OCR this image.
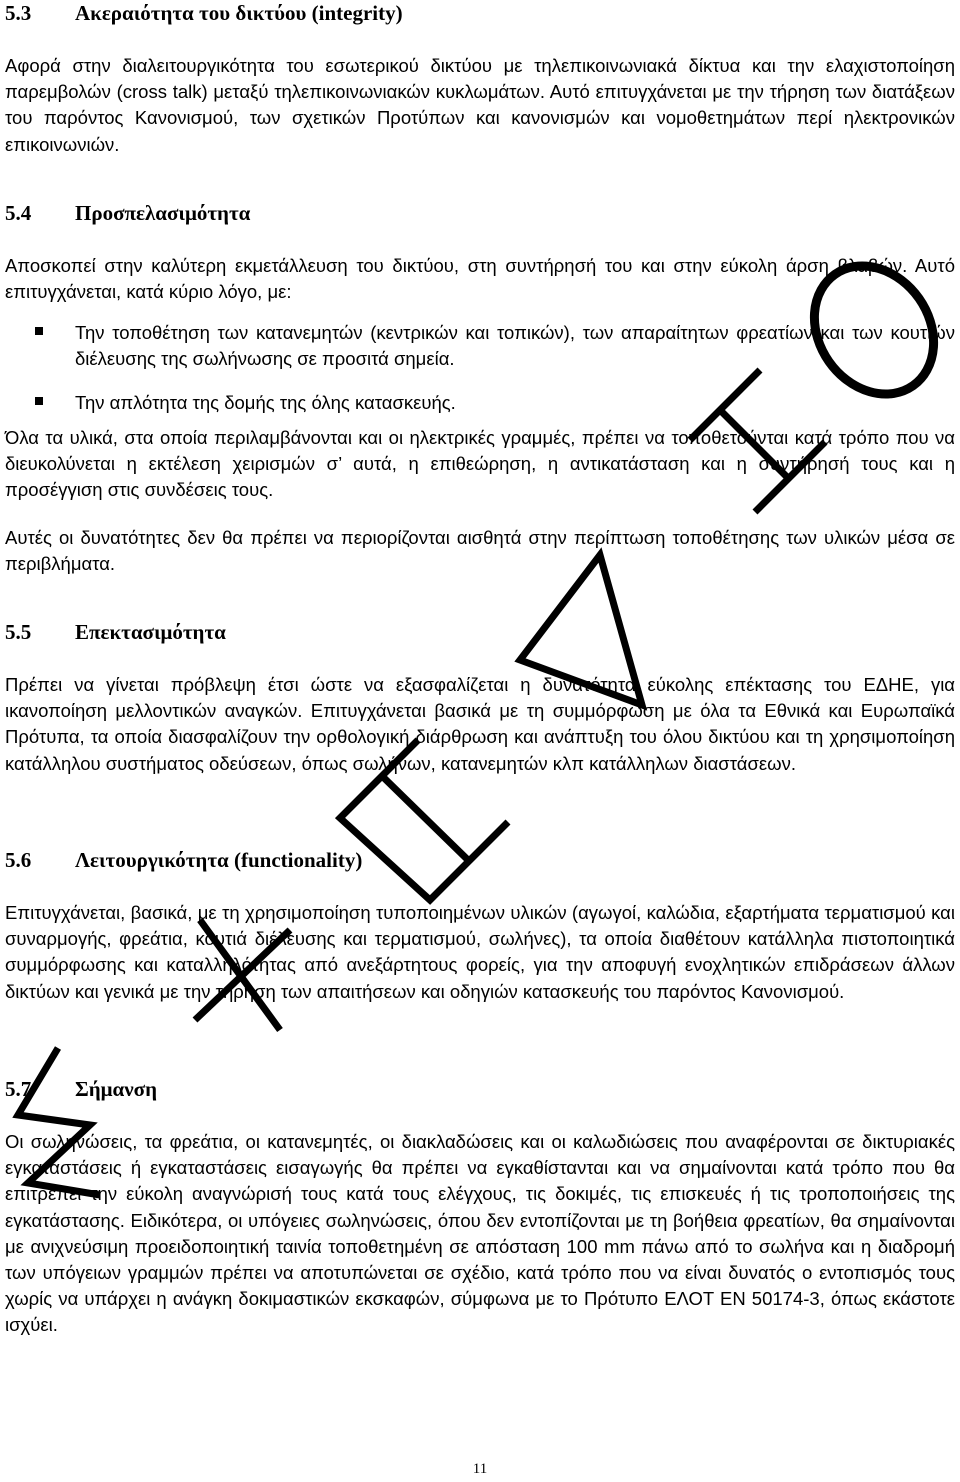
5.3 Ακεραιότητα του δικτύου (integrity)
Αφορά στην διαλειτουργικότητα του εσωτερικού δικτύου με τηλεπικοινωνιακά δίκτυα και την ελαχιστοποίηση παρεμβολών (cross talk) μεταξύ τηλεπικοινωνιακών κυκλωμάτων. Αυτό επιτυγχάνεται με την τήρηση των διατάξεων του παρόντος Κανονισμού, των σχετικών Προτύπων και κανονισμών και νομοθετημάτων περί ηλεκτρονικών επικοινωνιών.
5.4 Προσπελασιμότητα
Αποσκοπεί στην καλύτερη εκμετάλλευση του δικτύου, στη συντήρησή του και στην εύκολη άρση βλαβών. Αυτό επιτυγχάνεται, κατά κύριο λόγο, με:
Την τοποθέτηση των κατανεμητών (κεντρικών και τοπικών), των απαραίτητων φρεατίων και των κουτιών διέλευσης της σωλήνωσης σε προσιτά σημεία.
Την απλότητα της δομής της όλης κατασκευής.
Όλα τα υλικά, στα οποία περιλαμβάνονται και οι ηλεκτρικές γραμμές, πρέπει να τοποθετούνται κατά τρόπο που να διευκολύνεται η εκτέλεση χειρισμών σ’ αυτά, η επιθεώρηση, η αντικατάσταση και η συντήρησή τους και η προσέγγιση στις συνδέσεις τους.
Αυτές οι δυνατότητες δεν θα πρέπει να περιορίζονται αισθητά στην περίπτωση τοποθέτησης των υλικών μέσα σε περιβλήματα.
5.5 Επεκτασιμότητα
Πρέπει να γίνεται πρόβλεψη έτσι ώστε να εξασφαλίζεται η δυνατότητα εύκολης επέκτασης του ΕΔΗΕ, για ικανοποίηση μελλοντικών αναγκών. Επιτυγχάνεται βασικά με τη συμμόρφωση με όλα τα Εθνικά και Ευρωπαϊκά Πρότυπα, τα οποία διασφαλίζουν την ορθολογική διάρθρωση και ανάπτυξη του όλου δικτύου και τη χρησιμοποίηση κατάλληλου συστήματος οδεύσεων, όπως σωλήνων, κατανεμητών κλπ κατάλληλων διαστάσεων.
5.6 Λειτουργικότητα (functionality)
Επιτυγχάνεται, βασικά, με τη χρησιμοποίηση τυποποιημένων υλικών (αγωγοί, καλώδια, εξαρτήματα τερματισμού και συναρμογής, φρεάτια, κουτιά διέλευσης και τερματισμού, σωλήνες), τα οποία διαθέτουν κατάλληλα πιστοποιητικά συμμόρφωσης και καταλληλότητας από ανεξάρτητους φορείς, για την αποφυγή ενοχλητικών επιδράσεων άλλων δικτύων και γενικά με την τήρηση των απαιτήσεων και οδηγιών κατασκευής του παρόντος Κανονισμού.
5.7 Σήμανση
Οι σωληνώσεις, τα φρεάτια, οι κατανεμητές, οι διακλαδώσεις και οι καλωδιώσεις που αναφέρονται σε δικτυριακές εγκαταστάσεις ή εγκαταστάσεις εισαγωγής θα πρέπει να εγκαθίστανται και να σημαίνονται κατά τρόπο που θα επιτρέπει την εύκολη αναγνώρισή τους κατά τους ελέγχους, τις δοκιμές, τις επισκευές ή τις τροποποιήσεις της εγκατάστασης. Ειδικότερα, οι υπόγειες σωληνώσεις, όπου δεν εντοπίζονται με τη βοήθεια φρεατίων, θα σημαίνονται με ανιχνεύσιμη προειδοποιητική ταινία τοποθετημένη σε απόσταση 100 mm πάνω από το σωλήνα και η διαδρομή των υπόγειων γραμμών πρέπει να αποτυπώνεται σε σχέδιο, κατά τρόπο που να είναι δυνατός ο εντοπισμός τους χωρίς να υπάρχει η ανάγκη δοκιμαστικών εκσκαφών, σύμφωνα με το Πρότυπο ΕΛΟΤ ΕΝ 50174-3, όπως εκάστοτε ισχύει.
11
